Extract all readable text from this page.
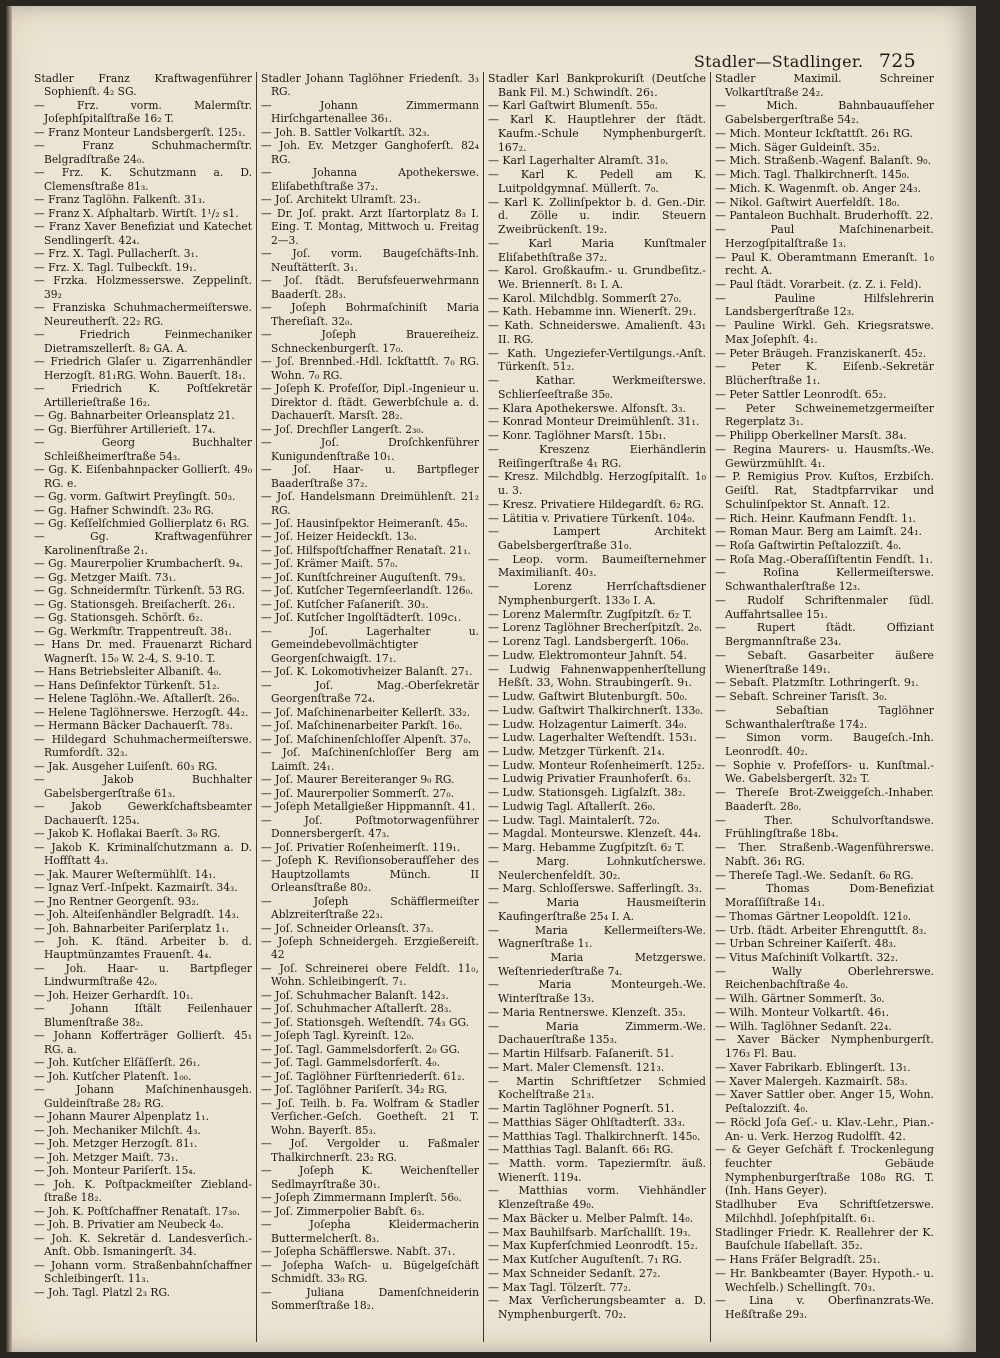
Stadler—Stadlinger. 725

Stadler Franz Kraftwagenführer Sophienſt. 4₂ SG.

— Frz. vorm. Malermſtr. Joſephſpitalſtraße 16₂ T.

— Franz Monteur Landsbergerſt. 125₁.

— Franz Schuhmachermſtr. Belgradſtraße 24₀.

— Frz. K. Schutzmann a. D. Clemensſtraße 81₃.

— Franz Taglöhn. Falkenſt. 31₃.

— Franz X. Aſphaltarb. Wirtſt. 1¹/₂ s1.

— Franz Xaver Benefiziat und Katechet Sendlingerſt. 42₄.

— Frz. X. Tagl. Pullacherſt. 3₁.

— Frz. X. Tagl. Tulbeckſt. 19₁.

— Frzka. Holzmesserswe. Zeppelinſt. 39₂

— Franziska Schuhmachermeiſterswe. Neureutherſt. 22₂ RG.

— Friedrich Feinmechaniker Dietramszellerſt. 8₂ GA. A.

— Friedrich Glaſer u. Zigarrenhändler Herzogſt. 81₁RG. Wohn. Bauerſt. 18₁.

— Friedrich K. Poſtſekretär Artillerieſtraße 16₂.

— Gg. Bahnarbeiter Orleansplatz 21.

— Gg. Bierführer Artillerieſt. 17₄.

— Georg Buchhalter Schleißheimerſtraße 54₃.

— Gg. K. Eiſenbahnpacker Gollierſt. 49₀ RG. e.

— Gg. vorm. Gaſtwirt Preyſingſt. 50₃.

— Gg. Hafner Schwindſt. 23₀ RG.

— Gg. Keſſelſchmied Gollierplatz 6₁ RG.

— Gg. Kraftwagenführer Karolinenſtraße 2₁.

— Gg. Maurerpolier Krumbacherſt. 9₄.

— Gg. Metzger Maiſt. 73₁.

— Gg. Schneidermſtr. Türkenſt. 53 RG.

— Gg. Stationsgeh. Breiſacherſt. 26₁.

— Gg. Stationsgeh. Schörſt. 6₂.

— Gg. Werkmſtr. Trappentreuſt. 38₁.

— Hans Dr. med. Frauenarzt Richard Wagnerſt. 15₀ W. 2-4, S. 9-10. T.

— Hans Betriebsleiter Albaniſt. 4₀.

— Hans Deſinfektor Türkenſt. 51₂.

— Helene Taglöhn.-We. Aſtallerſt. 26₀.

— Helene Taglöhnerswe. Herzogſt. 44₂.

— Hermann Bäcker Dachauerſt. 78₃.

— Hildegard Schuhmachermeiſterswe. Rumfordſt. 32₃.

— Jak. Ausgeher Luiſenſt. 60₃ RG.

— Jakob Buchhalter Gabelsbergerſtraße 61₃.

— Jakob Gewerkſchaftsbeamter Dachauerſt. 125₄.

— Jakob K. Hoflakai Baerſt. 3₀ RG.

— Jakob K. Kriminalſchutzmann a. D. Hoffſtatt 4₃.

— Jak. Maurer Weſtermühlſt. 14₁.

— Ignaz Verſ.-Inſpekt. Kazmairſt. 34₃.

— Jno Rentner Georgenſt. 93₂.

— Joh. Alteiſenhändler Belgradſt. 14₃.

— Joh. Bahnarbeiter Pariſerplatz 1₁.

— Joh. K. ſtänd. Arbeiter b. d. Hauptmünzamtes Frauenſt. 4₄.

— Joh. Haar- u. Bartpfleger Lindwurmſtraße 42₀.

— Joh. Heizer Gerhardſt. 10₁.

— Johann Iſtält Feilenhauer Blumenſtraße 38₂.

— Johann Kofferträger Gollierſt. 45₁ RG. a.

— Joh. Kutſcher Elſäſſerſt. 26₁.

— Joh. Kutſcher Platenſt. 1₀₀.

— Johann Maſchinenhausgeh. Guldeinſtraße 28₂ RG.

— Johann Maurer Alpenplatz 1₁.

— Joh. Mechaniker Milchſt. 4₃.

— Joh. Metzger Herzogſt. 81₁.

— Joh. Metzger Maiſt. 73₁.

— Joh. Monteur Pariſerſt. 15₄.

— Joh. K. Poſtpackmeiſter Zieblandſtraße 18₂.

— Joh. K. Poſtſchaffner Renataſt. 17₃₀.

— Joh. B. Privatier am Neubeck 4₀.

— Joh. K. Sekretär d. Landesverſich.-Anſt. Obb. Ismaningerſt. 34.

— Johann vorm. Straßenbahnſchaffner Schleibingerſt. 11₃.

— Joh. Tagl. Platzl 2₃ RG.

Stadler Johann Taglöhner Friedenſt. 3₃ RG.

— Johann Zimmermann Hirſchgartenallee 36₁.

— Joh. B. Sattler Volkartſt. 32₃.

— Joh. Ev. Metzger Ganghoferſt. 82₄ RG.

— Johanna Apothekerswe. Eliſabethſtraße 37₂.

— Joſ. Architekt Ulramſt. 23₁.

— Dr. Joſ. prakt. Arzt Iſartorplatz 8₃ I. Eing. T. Montag, Mittwoch u. Freitag 2—3.

— Joſ. vorm. Baugeſchäfts-Inh. Neuſtätterſt. 3₁.

— Joſ. ſtädt. Berufsfeuerwehrmann Baaderſt. 28₃.

— Joſeph Bohrmaſchiniſt Maria Thereſiaſt. 32₀.

— Joſeph Brauereiheiz. Schneckenburgerſt. 17₀.

— Joſ. Brennbed.-Hdl. Ickſtattſt. 7₀ RG. Wohn. 7₀ RG.

— Joſeph K. Profeſſor, Dipl.-Ingenieur u. Direktor d. ſtädt. Gewerbſchule a. d. Dachauerſt. Marsſt. 28₂.

— Joſ. Drechſler Langerſt. 2₃₀.

— Joſ. Droſchkenführer Kunigundenſtraße 10₁.

— Joſ. Haar- u. Bartpfleger Baaderſtraße 37₂.

— Joſ. Handelsmann Dreimühlenſt. 21₂ RG.

— Joſ. Hausinſpektor Heimeranſt. 45₀.

— Joſ. Heizer Heideckſt. 13₀.

— Joſ. Hilfspoſtſchaffner Renataſt. 21₁.

— Joſ. Krämer Maiſt. 57₀.

— Joſ. Kunſtſchreiner Auguſtenſt. 79₃.

— Joſ. Kutſcher Tegernſeerlandſt. 126₀.

— Joſ. Kutſcher Faſaneriſt. 30₃.

— Joſ. Kutſcher Ingolſtädterſt. 109c₁.

— Joſ. Lagerhalter u. Gemeindebevollmächtigter Georgenſchwaigſt. 17₁.

— Joſ. K. Lokomotivheizer Balanſt. 27₁.

— Joſ. Mag.-Oberſekretär Georgenſtraße 72₄.

— Joſ. Maſchinenarbeiter Kellerſt. 33₂.

— Joſ. Maſchinenarbeiter Parkſt. 16₀.

— Joſ. Maſchinenſchloſſer Alpenſt. 37₀.

— Joſ. Maſchinenſchloſſer Berg am Laimſt. 24₁.

— Joſ. Maurer Bereiteranger 9₀ RG.

— Joſ. Maurerpolier Sommerſt. 27₀.

— Joſeph Metallgießer Hippmannſt. 41.

— Joſ. Poſtmotorwagenführer Donnersbergerſt. 47₃.

— Joſ. Privatier Roſenheimerſt. 119₁.

— Joſeph K. Reviſionsoberaufſeher des Hauptzollamts Münch. II Orleansſtraße 80₂.

— Joſeph Schäfflermeiſter Ablzreiterſtraße 22₃.

— Joſ. Schneider Orleansſt. 37₃.

— Joſeph Schneidergeh. Erzgießereiſt. 42

— Joſ. Schreinerei obere Feldſt. 11₀, Wohn. Schleibingerſt. 7₁.

— Joſ. Schuhmacher Balanſt. 142₃.

— Joſ. Schuhmacher Aſtallerſt. 28₃.

— Joſ. Stationsgeh. Weſtendſt. 74₃ GG.

— Joſeph Tagl. Kyreinſt. 12₀.

— Joſ. Tagl. Gammelsdorferſt. 2₀ GG.

— Joſ. Tagl. Gammelsdorferſt. 4₀.

— Joſ. Taglöhner Fürſtenriederſt. 61₂.

— Joſ. Taglöhner Pariſerſt. 34₂ RG.

— Joſ. Teilh. b. Fa. Wolfram & Stadler Verſicher.-Geſch. Goetheſt. 21 T. Wohn. Bayerſt. 85₃.

— Joſ. Vergolder u. Faßmaler Thalkirchnerſt. 23₂ RG.

— Joſeph K. Weichenſteller Sedlmayrſtraße 30₁.

— Joſeph Zimmermann Implerſt. 56₀.

— Joſ. Zimmerpolier Babſt. 6₃.

— Joſepha Kleidermacherin Buttermelcherſt. 8₃.

— Joſepha Schäfflerswe. Nabſt. 37₁.

— Joſepha Waſch- u. Bügelgeſchäft Schmidſt. 33₀ RG.

— Juliana Damenſchneiderin Sommerſtraße 18₂.

Stadler Karl Bankprokuriſt (Deutſche Bank Fil. M.) Schwindſt. 26₁.

— Karl Gaſtwirt Blumenſt. 55₀.

— Karl K. Hauptlehrer der ſtädt. Kaufm.-Schule Nymphenburgerſt. 167₂.

— Karl Lagerhalter Alramſt. 31₀.

— Karl K. Pedell am K. Luitpoldgymnaſ. Müllerſt. 7₀.

— Karl K. Zollinſpektor b. d. Gen.-Dir. d. Zölle u. indir. Steuern Zweibrückenſt. 19₂.

— Karl Maria Kunſtmaler Eliſabethſtraße 37₂.

— Karol. Großkaufm.- u. Grundbeſitz.-We. Briennerſt. 8₁ I. A.

— Karol. Milchdblg. Sommerſt 27₀.

— Kath. Hebamme inn. Wienerſt. 29₁.

— Kath. Schneiderswe. Amalienſt. 43₁ II. RG.

— Kath. Ungeziefer-Vertilgungs.-Anſt. Türkenſt. 51₂.

— Kathar. Werkmeiſterswe. Schlierſeeſtraße 35₀.

— Klara Apothekerswe. Alfonsſt. 3₃.

— Konrad Monteur Dreimühlenſt. 31₁.

— Konr. Taglöhner Marsſt. 15b₁.

— Kreszenz Eierhändlerin Reiſingerſtraße 4₁ RG.

— Kresz. Milchdblg. Herzogſpitalſt. 1₀ u. 3.

— Kresz. Privatiere Hildegardſt. 6₂ RG.

— Lätitia v. Privatiere Türkenſt. 104₀.

— Lampert Architekt Gabelsbergerſtraße 31₀.

— Leop. vorm. Baumeiſternehmer Maximilianſt. 40₃.

— Lorenz Herrſchaftsdiener Nymphenburgerſt. 133₀ I. A.

— Lorenz Malermſtr. Zugſpitzſt. 6₂ T.

— Lorenz Taglöhner Brecherſpitzſt. 2₀.

— Lorenz Tagl. Landsbergerſt. 106₀.

— Ludw. Elektromonteur Jahnſt. 54.

— Ludwig Fahnenwappenherſtellung Heßſt. 33, Wohn. Straubingerſt. 9₁.

— Ludw. Gaſtwirt Blutenburgſt. 50₀.

— Ludw. Gaſtwirt Thalkirchnerſt. 133₀.

— Ludw. Holzagentur Laimerſt. 34₀.

— Ludw. Lagerhalter Weſtendſt. 153₁.

— Ludw. Metzger Türkenſt. 21₄.

— Ludw. Monteur Roſenheimerſt. 125₂.

— Ludwig Privatier Fraunhoferſt. 6₃.

— Ludw. Stationsgeh. Ligſalzſt. 38₂.

— Ludwig Tagl. Aſtallerſt. 26₀.

— Ludw. Tagl. Maintalerſt. 72₀.

— Magdal. Monteurswe. Klenzeſt. 44₄.

— Marg. Hebamme Zugſpitzſt. 6₂ T.

— Marg. Lohnkutſcherswe. Neulerchenfeldſt. 30₂.

— Marg. Schloſſerswe. Safferlingſt. 3₃.

— Maria Hausmeiſterin Kaufingerſtraße 25₄ I. A.

— Maria Kellermeiſters-We. Wagnerſtraße 1₁.

— Maria Metzgerswe. Weſtenriederſtraße 7₄.

— Maria Monteurgeh.-We. Winterſtraße 13₃.

— Maria Rentnerswe. Klenzeſt. 35₃.

— Maria Zimmerm.-We. Dachauerſtraße 135₃.

— Martin Hilfsarb. Faſaneriſt. 51.

— Mart. Maler Clemensſt. 121₃.

— Martin Schriftſetzer Schmied Kochelſtraße 21₃.

— Martin Taglöhner Pognerſt. 51.

— Matthias Säger Ohlſtadterſt. 33₃.

— Matthias Tagl. Thalkirchnerſt. 145₀.

— Matthias Tagl. Balanſt. 66₁ RG.

— Matth. vorm. Tapeziermſtr. äuß. Wienerſt. 119₄.

— Matthias vorm. Viehhändler Klenzeſtraße 49₀.

— Max Bäcker u. Melber Palmſt. 14₀.

— Max Bauhilfsarb. Marſchallſt. 19₃.

— Max Kupferſchmied Leonrodſt. 15₂.

— Max Kutſcher Auguſtenſt. 7₁ RG.

— Max Schneider Sedanſt. 27₂.

— Max Tagl. Tölzerſt. 77₂.

— Max Verſicherungsbeamter a. D. Nymphenburgerſt. 70₂.

Stadler Maximil. Schreiner Volkartſtraße 24₂.

— Mich. Bahnbauaufſeher Gabelsbergerſtraße 54₂.

— Mich. Monteur Ickſtattſt. 26₁ RG.

— Mich. Säger Guldeinſt. 35₂.

— Mich. Straßenb.-Wagenf. Balanſt. 9₀.

— Mich. Tagl. Thalkirchnerſt. 145₀.

— Mich. K. Wagenmſt. ob. Anger 24₃.

— Nikol. Gaſtwirt Auerfeldſt. 18₀.

— Pantaleon Buchhalt. Bruderhofſt. 22.

— Paul Maſchinenarbeit. Herzogſpitalſtraße 1₃.

— Paul K. Oberamtmann Emeranſt. 1₀ recht. A.

— Paul ſtädt. Vorarbeit. (z. Z. i. Feld).

— Pauline Hilfslehrerin Landsbergerſtraße 12₃.

— Pauline Wirkl. Geh. Kriegsratswe. Max Joſephſt. 4₁.

— Peter Bräugeh. Franziskanerſt. 45₂.

— Peter K. Eiſenb.-Sekretär Blücherſtraße 1₁.

— Peter Sattler Leonrodſt. 65₂.

— Peter Schweinemetzgermeiſter Regerplatz 3₁.

— Philipp Oberkellner Marsſt. 38₄.

— Regina Maurers- u. Hausmſts.-We. Gewürzmühlſt. 4₁.

— P. Remigius Prov. Kuſtos, Erzbiſch. Geiſtl. Rat, Stadtpfarrvikar und Schulinſpektor St. Annaſt. 12.

— Rich. Heinr. Kaufmann Fendſt. 1₁.

— Roman Maur. Berg am Laimſt. 24₁.

— Roſa Gaſtwirtin Peſtalozziſt. 4₀.

— Roſa Mag.-Oberaſſiſtentin Fendſt. 1₁.

— Roſina Kellermeiſterswe. Schwanthalerſtraße 12₃.

— Rudolf Schriftenmaler ſüdl. Auffahrtsallee 15₁.

— Rupert ſtädt. Offiziant Bergmannſtraße 23₄.

— Sebaſt. Gasarbeiter äußere Wienerſtraße 149₁.

— Sebaſt. Platzmſtr. Lothringerſt. 9₁.

— Sebaſt. Schreiner Tarisſt. 3₀.

— Sebaſtian Taglöhner Schwanthalerſtraße 174₂.

— Simon vorm. Baugeſch.-Inh. Leonrodſt. 40₂.

— Sophie v. Profeſſors- u. Kunſtmal.-We. Gabelsbergerſt. 32₂ T.

— Thereſe Brot-Zweiggeſch.-Inhaber. Baaderſt. 28₀.

— Ther. Schulvorſtandswe. Frühlingſtraße 18b₄.

— Ther. Straßenb.-Wagenführerswe. Nabſt. 36₁ RG.

— Thereſe Tagl.-We. Sedanſt. 6₀ RG.

— Thomas Dom-Benefiziat Moraſſiſtraße 14₁.

— Thomas Gärtner Leopoldſt. 121₀.

— Urb. ſtädt. Arbeiter Ehrenguttſt. 8₃.

— Urban Schreiner Kaiſerſt. 48₃.

— Vitus Maſchiniſt Volkartſt. 32₂.

— Wally Oberlehrerswe. Reichenbachſtraße 4₀.

— Wilh. Gärtner Sommerſt. 3₀.

— Wilh. Monteur Volkartſt. 46₁.

— Wilh. Taglöhner Sedanſt. 22₄.

— Xaver Bäcker Nymphenburgerſt. 176₃ Fl. Bau.

— Xaver Fabrikarb. Eblingerſt. 13₁.

— Xaver Malergeh. Kazmairſt. 58₃.

— Xaver Sattler ober. Anger 15, Wohn. Peſtalozziſt. 4₀.

— Röckl Joſa Geſ.- u. Klav.-Lehr., Pian.- An- u. Verk. Herzog Rudolfſt. 42.

— & Geyer Geſchäft f. Trockenlegung feuchter Gebäude Nymphenburgerſtraße 108₀ RG. T. (Inh. Hans Geyer).

Stadlhuber Eva Schriftſetzerswe. Milchhdl. Joſephſpitalſt. 6₁.

Stadlinger Friedr. K. Reallehrer der K. Bauſchule Iſabellaſt. 35₂.

— Hans Fräſer Belgradſt. 25₁.

— Hr. Bankbeamter (Bayer. Hypoth.- u. Wechſelb.) Schellingſt. 70₃.

— Lina v. Oberfinanzrats-We. Heßſtraße 29₃.
